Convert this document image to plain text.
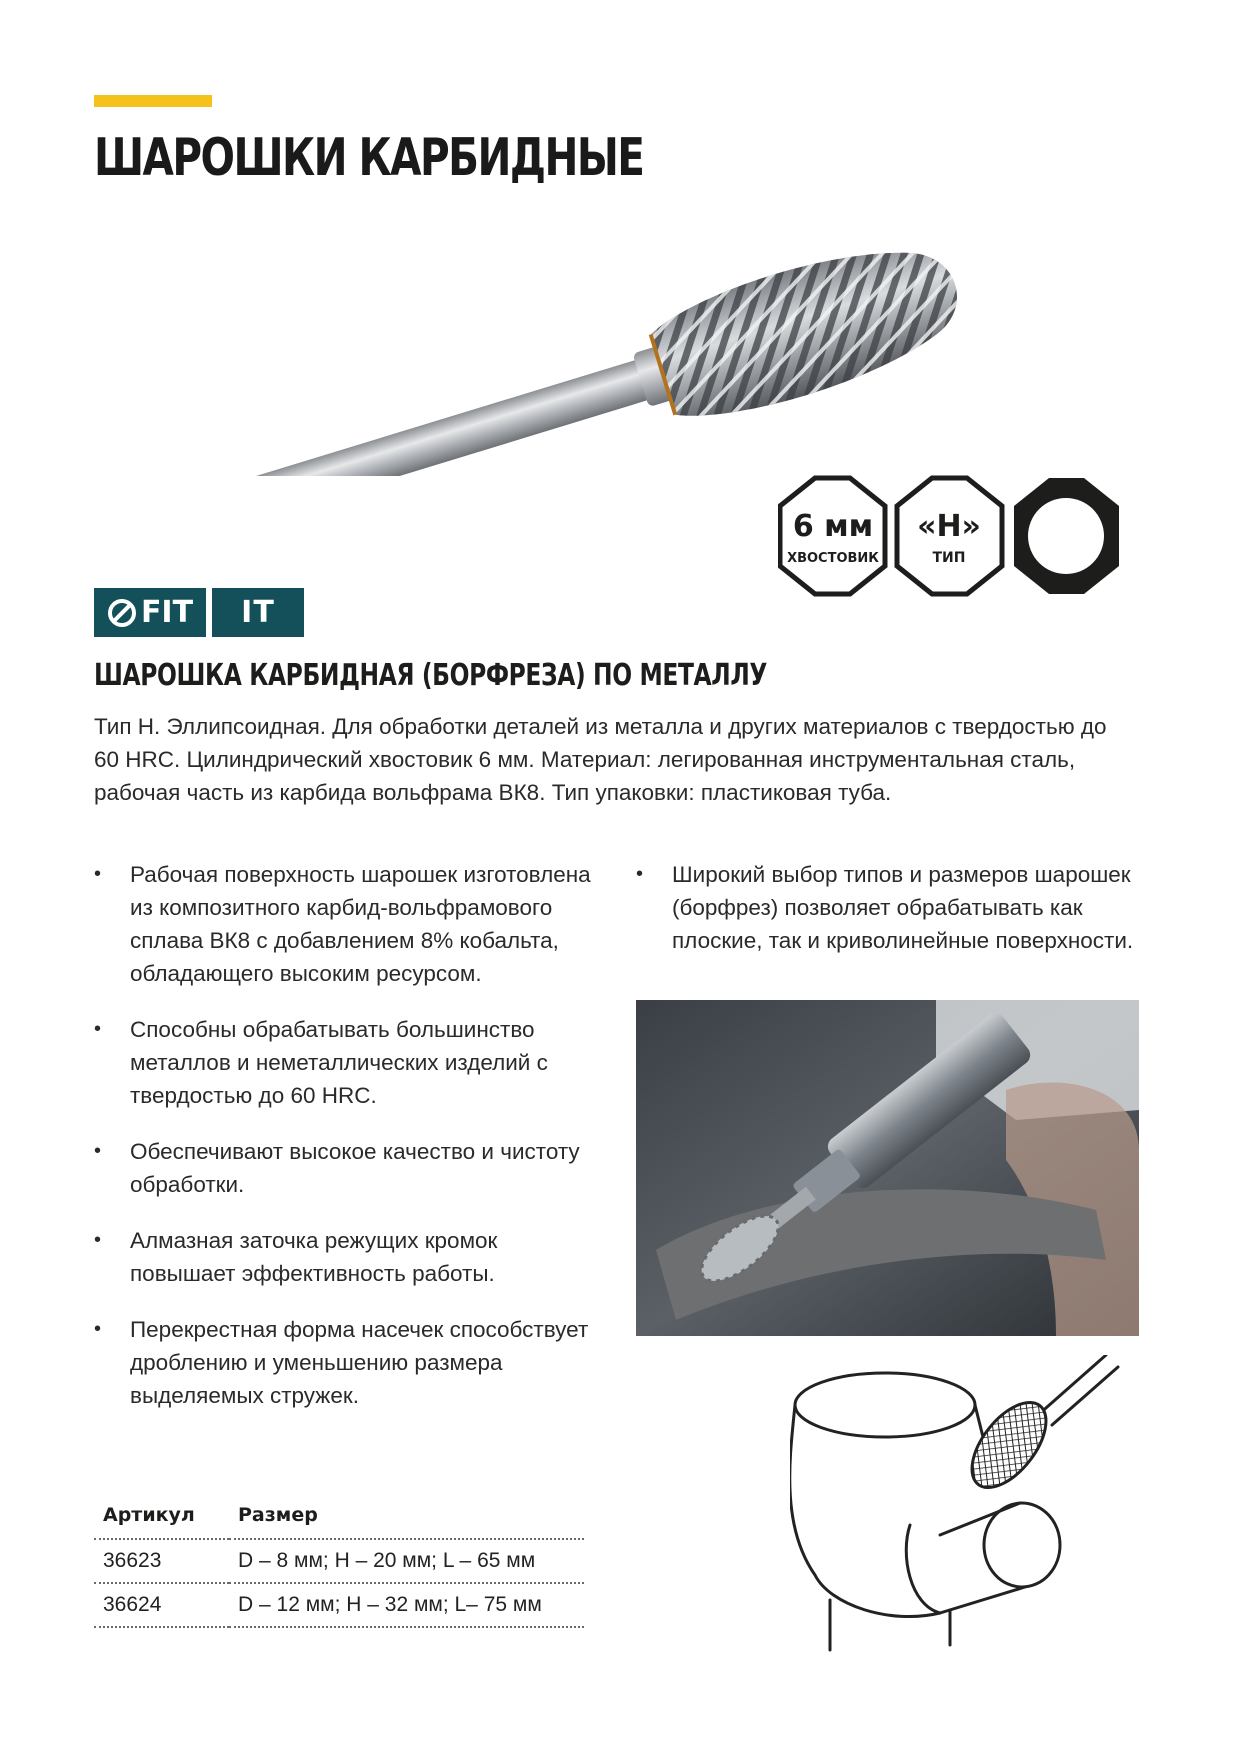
ШАРОШКИ КАРБИДНЫЕ
6 мм
ХВОСТОВИК
«H»
ТИП
FIT	IT
ШАРОШКА КАРБИДНАЯ (БОРФРЕЗА) ПО МЕТАЛЛУ

Тип H. Эллипсоидная. Для обработки деталей из металла и других материалов с твердостью до 60 HRC. Цилиндрический хвостовик 6 мм. Материал: легированная инструментальная сталь, рабочая часть из карбида вольфрама ВК8. Тип упаковки: пластиковая туба.

• Рабочая поверхность шарошек изготовлена из композитного карбид-вольфрамового сплава ВК8 с добавлением 8% кобальта, обладающего высоким ресурсом.
• Способны обрабатывать большинство металлов и неметаллических изделий с твердостью до 60 HRC.
• Обеспечивают высокое качество и чистоту обработки.
• Алмазная заточка режущих кромок повышает эффективность работы.
• Перекрестная форма насечек способствует дроблению и уменьшению размера выделяемых стружек.
• Широкий выбор типов и размеров шарошек (борфрез) позволяет обрабатывать как плоские, так и криволинейные поверхности.
Артикул	Размер
36623	D – 8 мм; H – 20 мм; L – 65 мм
36624	D – 12 мм; H – 32 мм; L– 75 мм
